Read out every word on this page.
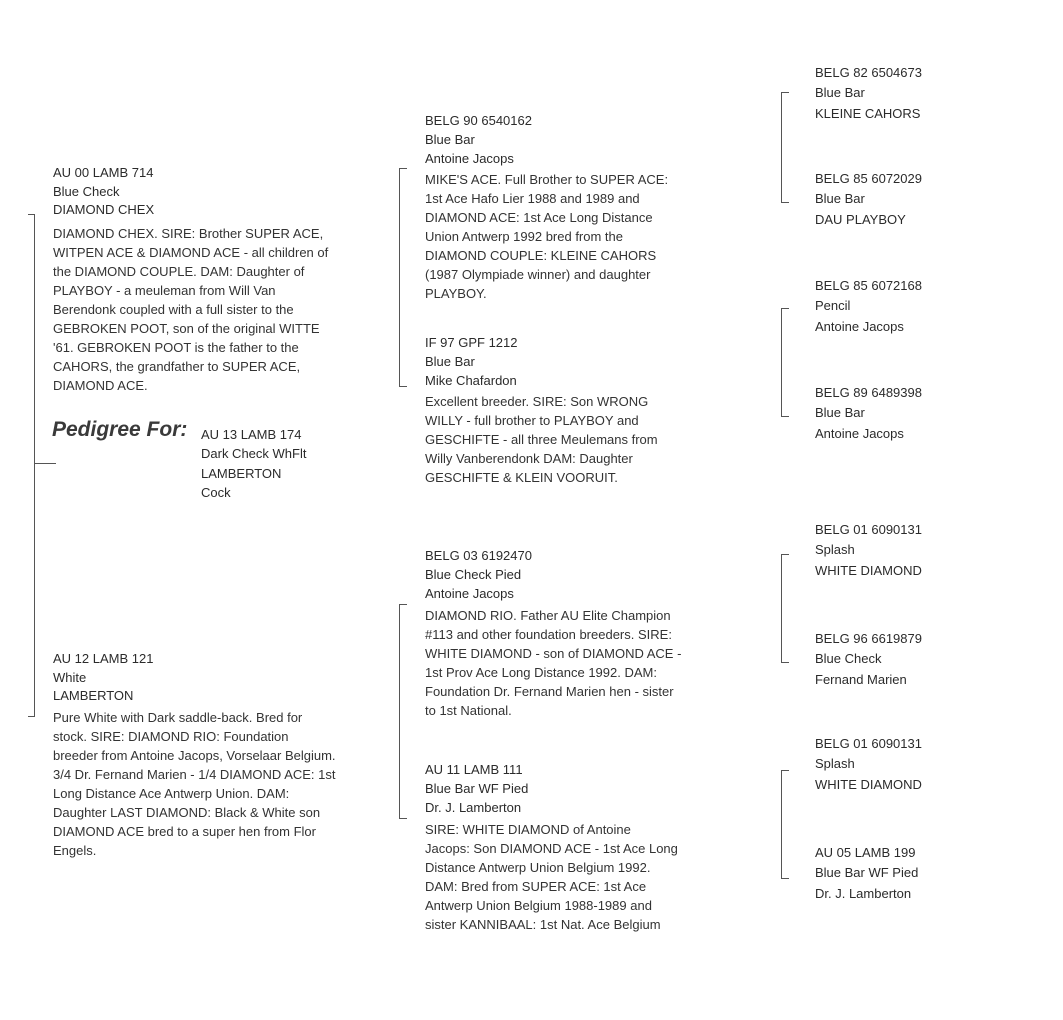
Pedigree For: AU 13 LAMB 174
Dark Check WhFlt
LAMBERTON
Cock
AU 00 LAMB 714
Blue Check
DIAMOND CHEX
DIAMOND CHEX. SIRE: Brother SUPER ACE,
WITPEN ACE & DIAMOND ACE - all children of
the DIAMOND COUPLE. DAM: Daughter of
PLAYBOY - a meuleman from Will Van
Berendonk coupled with a full sister to the
GEBROKEN POOT, son of the original WITTE
'61. GEBROKEN POOT is the father to the
CAHORS, the grandfather to SUPER ACE,
DIAMOND ACE.
AU 12 LAMB 121
White
LAMBERTON
Pure White with Dark saddle-back. Bred for
stock. SIRE: DIAMOND RIO: Foundation
breeder from Antoine Jacops, Vorselaar Belgium.
3/4 Dr. Fernand Marien - 1/4 DIAMOND ACE: 1st
Long Distance Ace Antwerp Union. DAM:
Daughter LAST DIAMOND: Black & White son
DIAMOND ACE bred to a super hen from Flor
Engels.
BELG 90 6540162
Blue Bar
Antoine Jacops
MIKE'S ACE. Full Brother to SUPER ACE:
1st Ace Hafo Lier 1988 and 1989 and
DIAMOND ACE: 1st Ace Long Distance
Union Antwerp 1992 bred from the
DIAMOND COUPLE: KLEINE CAHORS
(1987 Olympiade winner) and daughter
PLAYBOY.
IF 97 GPF 1212
Blue Bar
Mike Chafardon
Excellent breeder. SIRE: Son WRONG
WILLY - full brother to PLAYBOY and
GESCHIFTE - all three Meulemans from
Willy Vanberendonk DAM: Daughter
GESCHIFTE & KLEIN VOORUIT.
BELG 03 6192470
Blue Check Pied
Antoine Jacops
DIAMOND RIO. Father AU Elite Champion
#113 and other foundation breeders. SIRE:
WHITE DIAMOND - son of DIAMOND ACE -
1st Prov Ace Long Distance 1992. DAM:
Foundation Dr. Fernand Marien hen - sister
to 1st National.
AU 11 LAMB 111
Blue Bar WF Pied
Dr. J. Lamberton
SIRE: WHITE DIAMOND of Antoine
Jacops: Son DIAMOND ACE - 1st Ace Long
Distance Antwerp Union Belgium 1992.
DAM: Bred from SUPER ACE: 1st Ace
Antwerp Union Belgium 1988-1989 and
sister KANNIBAAL: 1st Nat. Ace Belgium
BELG 82 6504673
Blue Bar
KLEINE CAHORS
BELG 85 6072029
Blue Bar
DAU PLAYBOY
BELG 85 6072168
Pencil
Antoine Jacops
BELG 89 6489398
Blue Bar
Antoine Jacops
BELG 01 6090131
Splash
WHITE DIAMOND
BELG 96 6619879
Blue Check
Fernand Marien
BELG 01 6090131
Splash
WHITE DIAMOND
AU 05 LAMB 199
Blue Bar WF Pied
Dr. J. Lamberton
